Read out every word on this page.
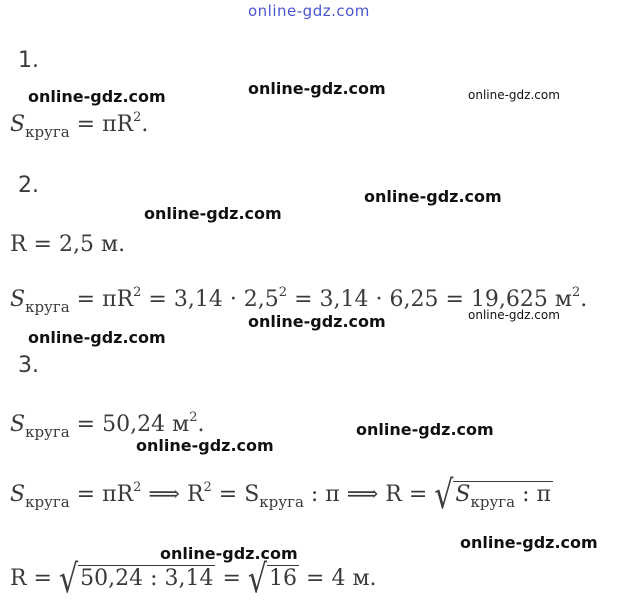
online-gdz.com
1.
online-gdz.com	online-gdz.com	online-gdz.com
$S_{круга} = \pi R^2$.
2.	online-gdz.com
online-gdz.com
R = 2,5 м.
$S_{круга} = \pi R^2 = 3,14 \cdot 2,5^2 = 3,14 \cdot 6,25 = 19,625$ $м^2$.
online-gdz.com	online-gdz.com
online-gdz.com
3.
$S_{круга} = 50,24$ $м^2$.	online-gdz.com
online-gdz.com
$S_{круга} = \pi R^2$ ⟹ $R^2 = S_{круга}$ : π ⟹ $R = √S_{круга}$ : π
online-gdz.com
online-gdz.com
R = √50,24 : 3,14 = √16 = 4 м.
